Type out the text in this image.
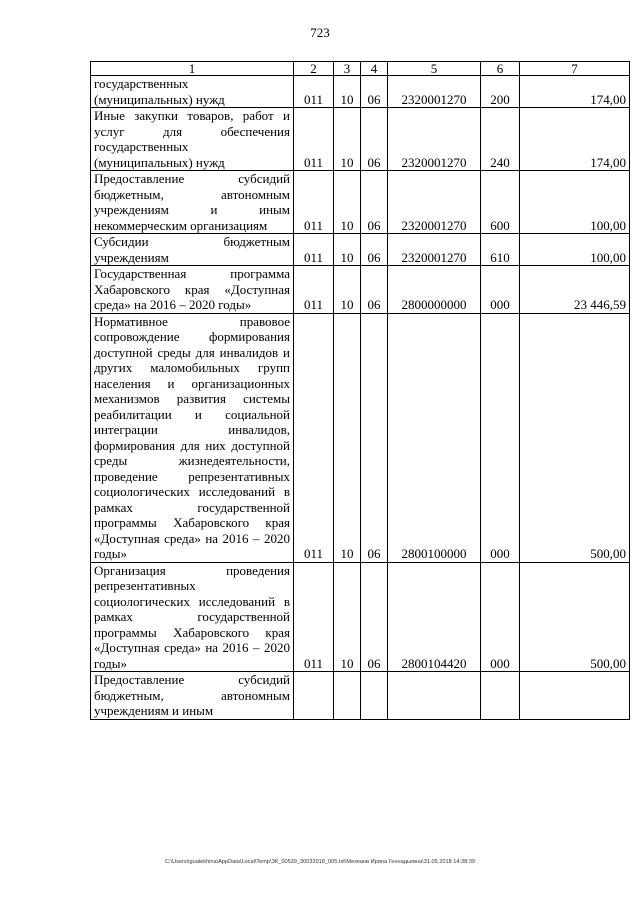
723
1	2	3	4	5	6	7
государственных (муниципальных) нужд	011	10	06	2320001270	200	174,00
Иные закупки товаров, работ и услуг для обеспечения государственных (муниципальных) нужд	011	10	06	2320001270	240	174,00
Предоставление субсидий бюджетным, автономным учреждениям и иным некоммерческим организациям	011	10	06	2320001270	600	100,00
Субсидии бюджетным учреждениям	011	10	06	2320001270	610	100,00
Государственная программа Хабаровского края «Доступная среда» на 2016 – 2020 годы»	011	10	06	2800000000	000	23 446,59
Нормативное правовое сопровождение формирования доступной среды для инвалидов и других маломобильных групп населения и организационных механизмов развития системы реабилитации и социальной интеграции инвалидов, формирования для них доступной среды жизнедеятельности, проведение репрезентативных социологических исследований в рамках государственной программы Хабаровского края «Доступная среда» на 2016 – 2020 годы»	011	10	06	2800100000	000	500,00
Организация проведения репрезентативных социологических исследований в рамках государственной программы Хабаровского края «Доступная среда» на 2016 – 2020 годы»	011	10	06	2800104420	000	500,00
Предоставление субсидий бюджетным, автономным учреждениям и иным						
C:\Users\igualekhina\AppData\Local\Temp\ЗК_00539_30032018_005.txt\Мехеанв Ирина Геннадьевна\31.05.2018 14:38:39
